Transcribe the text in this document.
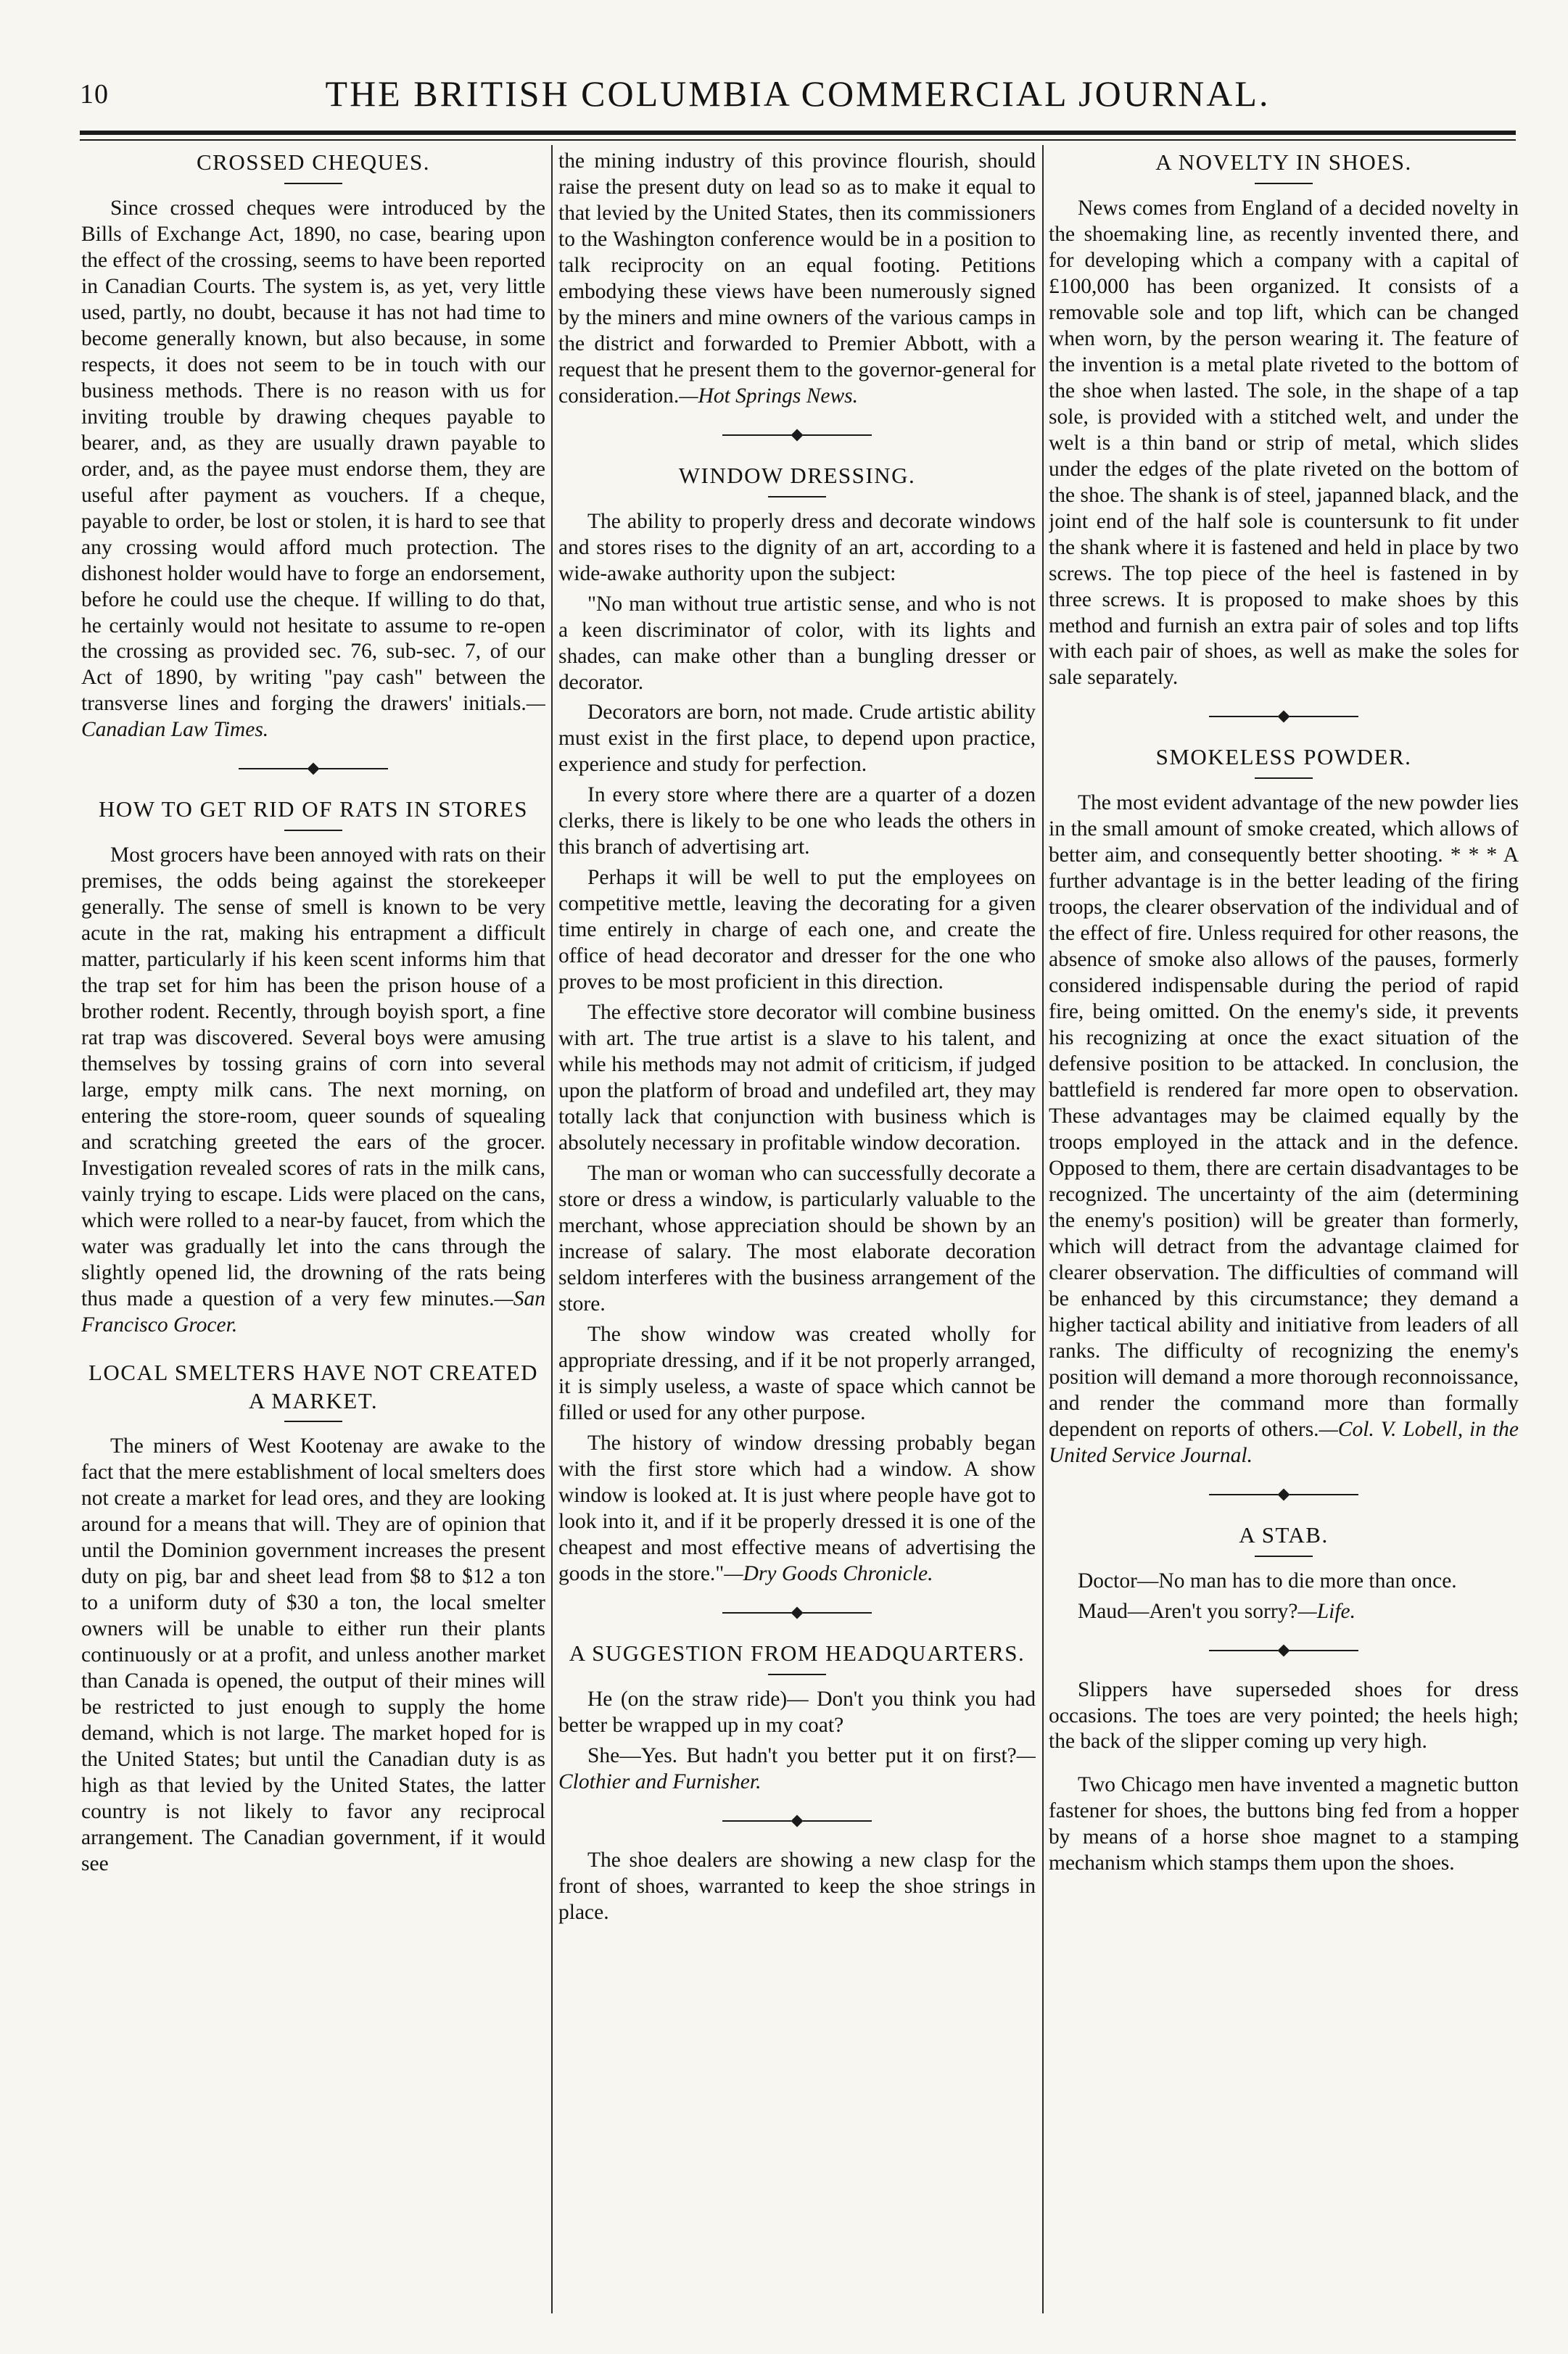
10	THE BRITISH COLUMBIA COMMERCIAL JOURNAL.
CROSSED CHEQUES.

Since crossed cheques were introduced by the Bills of Exchange Act, 1890, no case, bearing upon the effect of the crossing, seems to have been reported in Canadian Courts. The system is, as yet, very little used, partly, no doubt, because it has not had time to become generally known, but also because, in some respects, it does not seem to be in touch with our business methods. There is no reason with us for inviting trouble by drawing cheques payable to bearer, and, as they are usually drawn payable to order, and, as the payee must endorse them, they are useful after payment as vouchers. If a cheque, payable to order, be lost or stolen, it is hard to see that any crossing would afford much protection. The dishonest holder would have to forge an endorsement, before he could use the cheque. If willing to do that, he certainly would not hesitate to assume to re-open the crossing as provided sec. 76, sub-sec. 7, of our Act of 1890, by writing "pay cash" between the transverse lines and forging the drawers' initials.—Canadian Law Times.

HOW TO GET RID OF RATS IN STORES

Most grocers have been annoyed with rats on their premises, the odds being against the storekeeper generally. The sense of smell is known to be very acute in the rat, making his entrapment a difficult matter, particularly if his keen scent informs him that the trap set for him has been the prison house of a brother rodent. Recently, through boyish sport, a fine rat trap was discovered. Several boys were amusing themselves by tossing grains of corn into several large, empty milk cans. The next morning, on entering the store-room, queer sounds of squealing and scratching greeted the ears of the grocer. Investigation revealed scores of rats in the milk cans, vainly trying to escape. Lids were placed on the cans, which were rolled to a near-by faucet, from which the water was gradually let into the cans through the slightly opened lid, the drowning of the rats being thus made a question of a very few minutes.—San Francisco Grocer.

LOCAL SMELTERS HAVE NOT CREATED A MARKET.

The miners of West Kootenay are awake to the fact that the mere establishment of local smelters does not create a market for lead ores, and they are looking around for a means that will. They are of opinion that until the Dominion government increases the present duty on pig, bar and sheet lead from $8 to $12 a ton to a uniform duty of $30 a ton, the local smelter owners will be unable to either run their plants continuously or at a profit, and unless another market than Canada is opened, the output of their mines will be restricted to just enough to supply the home demand, which is not large. The market hoped for is the United States; but until the Canadian duty is as high as that levied by the United States, the latter country is not likely to favor any reciprocal arrangement. The Canadian government, if it would see

the mining industry of this province flourish, should raise the present duty on lead so as to make it equal to that levied by the United States, then its commissioners to the Washington conference would be in a position to talk reciprocity on an equal footing. Petitions embodying these views have been numerously signed by the miners and mine owners of the various camps in the district and forwarded to Premier Abbott, with a request that he present them to the governor-general for consideration.—Hot Springs News.

WINDOW DRESSING.

The ability to properly dress and decorate windows and stores rises to the dignity of an art, according to a wide-awake authority upon the subject:

"No man without true artistic sense, and who is not a keen discriminator of color, with its lights and shades, can make other than a bungling dresser or decorator.

Decorators are born, not made. Crude artistic ability must exist in the first place, to depend upon practice, experience and study for perfection.

In every store where there are a quarter of a dozen clerks, there is likely to be one who leads the others in this branch of advertising art.

Perhaps it will be well to put the employees on competitive mettle, leaving the decorating for a given time entirely in charge of each one, and create the office of head decorator and dresser for the one who proves to be most proficient in this direction.

The effective store decorator will combine business with art. The true artist is a slave to his talent, and while his methods may not admit of criticism, if judged upon the platform of broad and undefiled art, they may totally lack that conjunction with business which is absolutely necessary in profitable window decoration.

The man or woman who can successfully decorate a store or dress a window, is particularly valuable to the merchant, whose appreciation should be shown by an increase of salary. The most elaborate decoration seldom interferes with the business arrangement of the store.

The show window was created wholly for appropriate dressing, and if it be not properly arranged, it is simply useless, a waste of space which cannot be filled or used for any other purpose.

The history of window dressing probably began with the first store which had a window. A show window is looked at. It is just where people have got to look into it, and if it be properly dressed it is one of the cheapest and most effective means of advertising the goods in the store."—Dry Goods Chronicle.

A SUGGESTION FROM HEADQUARTERS.

He (on the straw ride)— Don't you think you had better be wrapped up in my coat?

She—Yes. But hadn't you better put it on first?—Clothier and Furnisher.

The shoe dealers are showing a new clasp for the front of shoes, warranted to keep the shoe strings in place.

A NOVELTY IN SHOES.

News comes from England of a decided novelty in the shoemaking line, as recently invented there, and for developing which a company with a capital of £100,000 has been organized. It consists of a removable sole and top lift, which can be changed when worn, by the person wearing it. The feature of the invention is a metal plate riveted to the bottom of the shoe when lasted. The sole, in the shape of a tap sole, is provided with a stitched welt, and under the welt is a thin band or strip of metal, which slides under the edges of the plate riveted on the bottom of the shoe. The shank is of steel, japanned black, and the joint end of the half sole is countersunk to fit under the shank where it is fastened and held in place by two screws. The top piece of the heel is fastened in by three screws. It is proposed to make shoes by this method and furnish an extra pair of soles and top lifts with each pair of shoes, as well as make the soles for sale separately.

SMOKELESS POWDER.

The most evident advantage of the new powder lies in the small amount of smoke created, which allows of better aim, and consequently better shooting. * * * A further advantage is in the better leading of the firing troops, the clearer observation of the individual and of the effect of fire. Unless required for other reasons, the absence of smoke also allows of the pauses, formerly considered indispensable during the period of rapid fire, being omitted. On the enemy's side, it prevents his recognizing at once the exact situation of the defensive position to be attacked. In conclusion, the battlefield is rendered far more open to observation. These advantages may be claimed equally by the troops employed in the attack and in the defence. Opposed to them, there are certain disadvantages to be recognized. The uncertainty of the aim (determining the enemy's position) will be greater than formerly, which will detract from the advantage claimed for clearer observation. The difficulties of command will be enhanced by this circumstance; they demand a higher tactical ability and initiative from leaders of all ranks. The difficulty of recognizing the enemy's position will demand a more thorough reconnoissance, and render the command more than formally dependent on reports of others.—Col. V. Lobell, in the United Service Journal.

A STAB.

Doctor—No man has to die more than once.

Maud—Aren't you sorry?—Life.

Slippers have superseded shoes for dress occasions. The toes are very pointed; the heels high; the back of the slipper coming up very high.

Two Chicago men have invented a magnetic button fastener for shoes, the buttons bing fed from a hopper by means of a horse shoe magnet to a stamping mechanism which stamps them upon the shoes.
